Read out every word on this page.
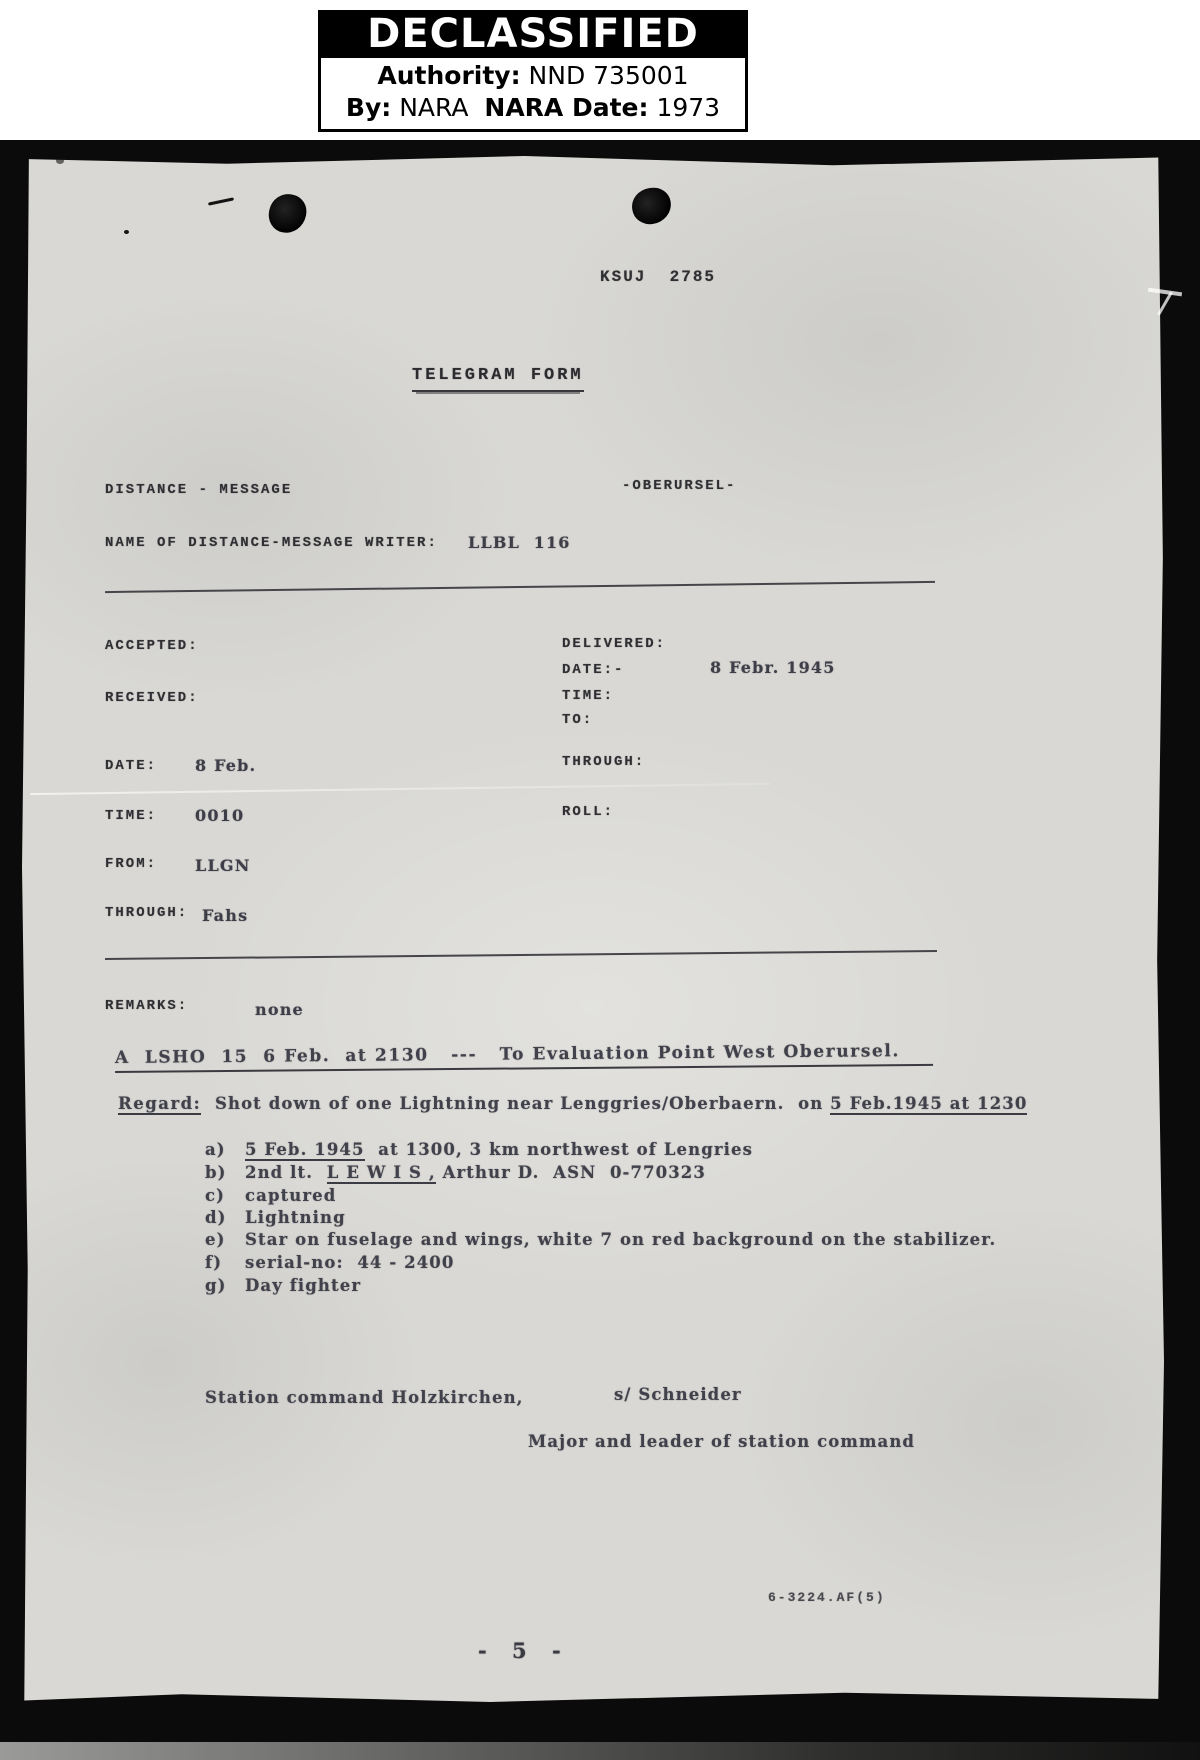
DECLASSIFIED
Authority: NND 735001
By: NARA  NARA Date: 1973
KSUJ  2785
TELEGRAM FORM
DISTANCE - MESSAGE	-OBERURSEL-
NAME OF DISTANCE-MESSAGE WRITER: LLBL  116
ACCEPTED:
RECEIVED:
DELIVERED:
DATE:-	8 Febr. 1945
TIME:
TO:
DATE: 8 Feb.	THROUGH:
TIME: 0010	ROLL:
FROM: LLGN
THROUGH: Fahs
REMARKS:	none
A  LSHO  15  6 Feb.  at 2130   ---   To Evaluation Point West Oberursel.
Regard: Shot down of one Lightning near Lenggries/Oberbaern.  on 5 Feb.1945 at 1230
a) 5 Feb. 1945  at 1300, 3 km northwest of Lengries
b) 2nd lt.  L E W I S , Arthur D.  ASN  0-770323
c) captured
d) Lightning
e) Star on fuselage and wings, white 7 on red background on the stabilizer.
f) serial-no:  44 - 2400
g) Day fighter
Station command Holzkirchen,	s/ Schneider
Major and leader of station command
6-3224.AF(5)
- 5 -
